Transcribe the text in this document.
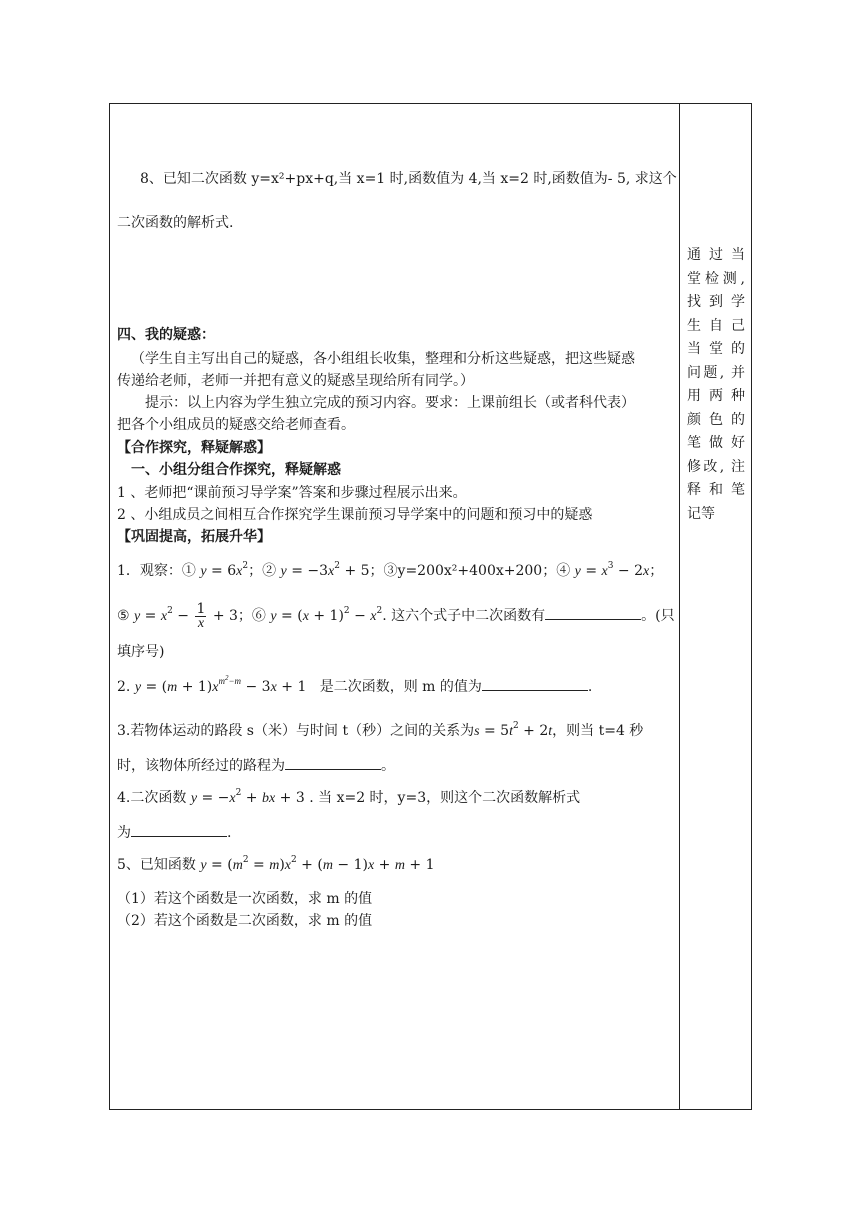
8、已知二次函数 y=x²+px+q,当 x=1 时,函数值为 4,当 x=2 时,函数值为- 5, 求这个
二次函数的解析式.
四、我的疑惑：
（学生自主写出自己的疑惑，各小组组长收集，整理和分析这些疑惑，把这些疑惑
传递给老师，老师一并把有意义的疑惑呈现给所有同学。）
提示：以上内容为学生独立完成的预习内容。要求：上课前组长（或者科代表）
把各个小组成员的疑惑交给老师查看。
【合作探究，释疑解惑】
一、小组分组合作探究，释疑解惑
1 、老师把“课前预习导学案”答案和步骤过程展示出来。
2 、小组成员之间相互合作探究学生课前预习导学案中的问题和预习中的疑惑
【巩固提高，拓展升华】
1．观察：① $y = 6x^2$；② $y = -3x^2 + 5$；③y=200x²+400x+200；④ $y = x^3 - 2x$；
⑤ $y = x^2 - \frac{1}{x} + 3$；⑥ $y = (x + 1)^2 - x^2$. 这六个式子中二次函数有	。(只
填序号)
2. $y = (m + 1)x^{m^2-m} - 3x + 1$ 是二次函数，则 m 的值为	.
3.若物体运动的路段 s（米）与时间 t（秒）之间的关系为$s = 5t^2 + 2t$，则当 t=4 秒
时，该物体所经过的路程为	。
4.二次函数 $y = -x^2$ + bx + 3 . 当 x=2 时，y=3，则这个二次函数解析式
为	.
5、已知函数 $y = (m^2 = m)x^2 + (m - 1)x + m + 1$
（1）若这个函数是一次函数，求 m 的值
（2）若这个函数是二次函数，求 m 的值
通 过 当
堂检测,
找 到 学
生 自 己
当 堂 的
问题, 并
用 两 种
颜 色 的
笔 做 好
修改, 注
释 和 笔
记等
